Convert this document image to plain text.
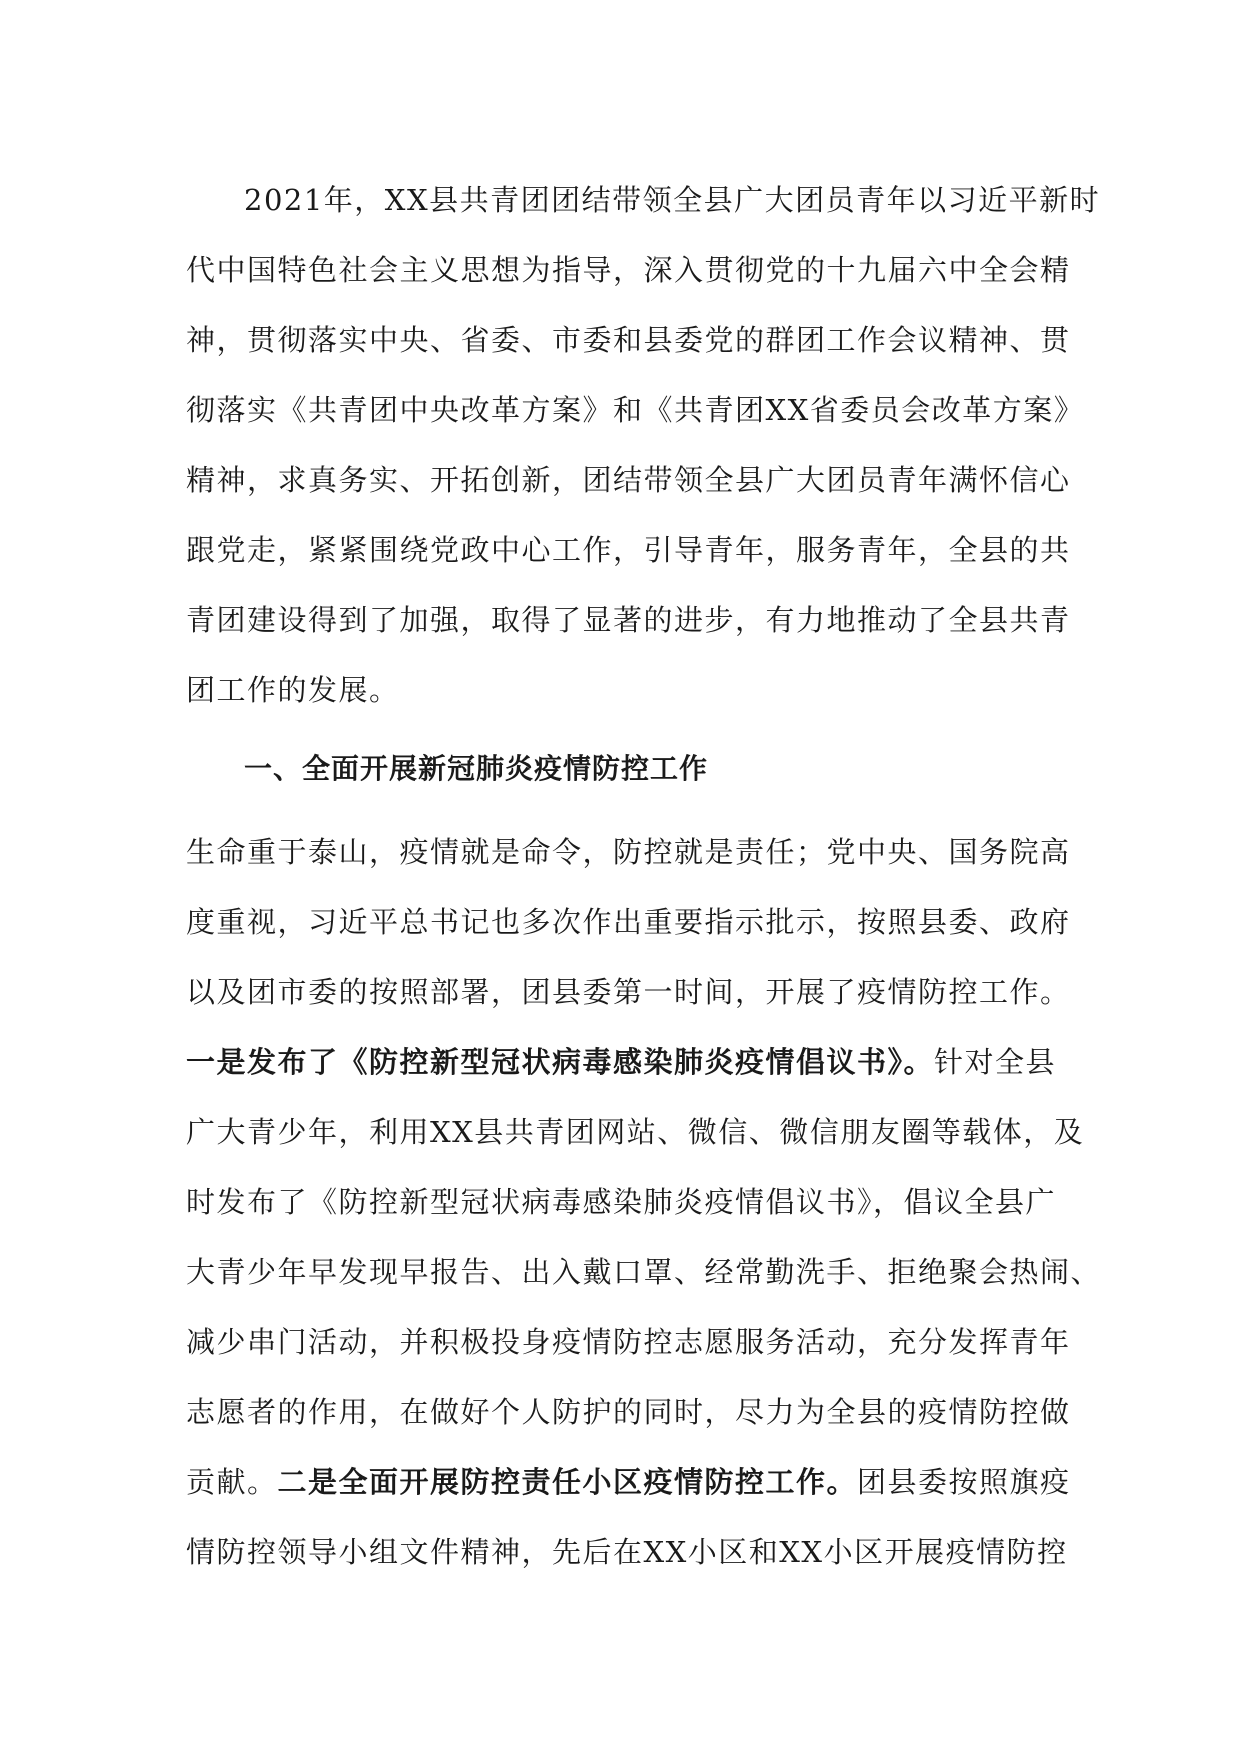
2021年，XX县共青团团结带领全县广大团员青年以习近平新时
代中国特色社会主义思想为指导，深入贯彻党的十九届六中全会精
神，贯彻落实中央、省委、市委和县委党的群团工作会议精神、贯
彻落实《共青团中央改革方案》和《共青团XX省委员会改革方案》
精神，求真务实、开拓创新，团结带领全县广大团员青年满怀信心
跟党走，紧紧围绕党政中心工作，引导青年，服务青年，全县的共
青团建设得到了加强，取得了显著的进步，有力地推动了全县共青
团工作的发展。
一、全面开展新冠肺炎疫情防控工作
生命重于泰山，疫情就是命令，防控就是责任；党中央、国务院高
度重视，习近平总书记也多次作出重要指示批示，按照县委、政府
以及团市委的按照部署，团县委第一时间，开展了疫情防控工作。
一是发布了《防控新型冠状病毒感染肺炎疫情倡议书》。针对全县
广大青少年，利用XX县共青团网站、微信、微信朋友圈等载体，及
时发布了《防控新型冠状病毒感染肺炎疫情倡议书》，倡议全县广
大青少年早发现早报告、出入戴口罩、经常勤洗手、拒绝聚会热闹、
减少串门活动，并积极投身疫情防控志愿服务活动，充分发挥青年
志愿者的作用，在做好个人防护的同时，尽力为全县的疫情防控做
贡献。二是全面开展防控责任小区疫情防控工作。团县委按照旗疫
情防控领导小组文件精神，先后在XX小区和XX小区开展疫情防控
